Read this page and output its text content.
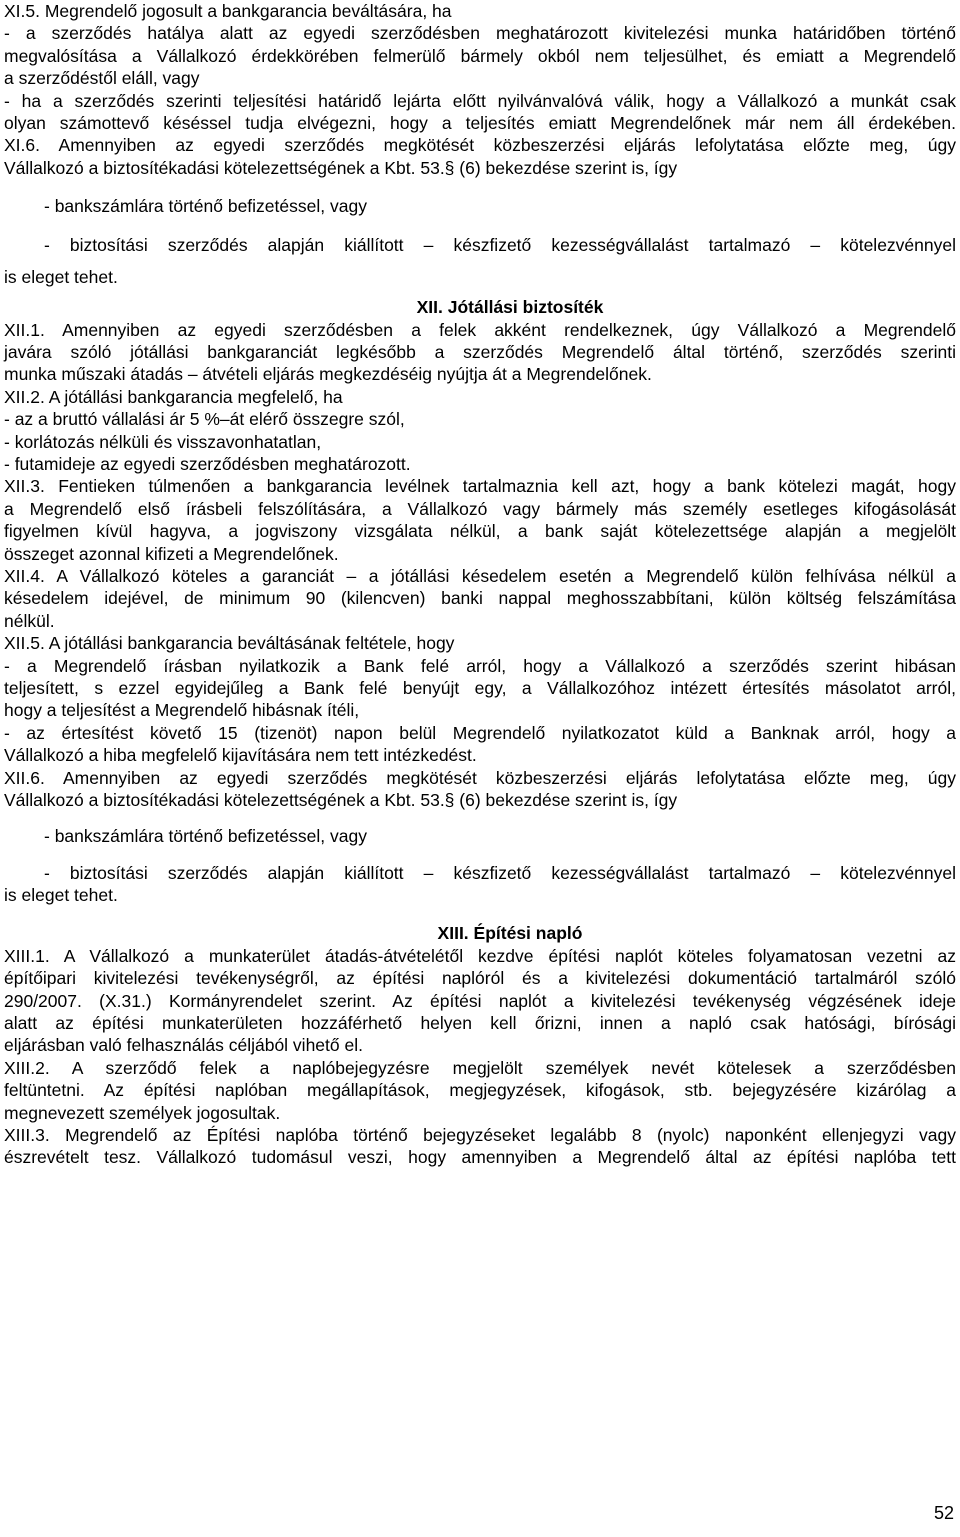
XI.5. Megrendelő jogosult a bankgarancia beváltására, ha
- a szerződés hatálya alatt az egyedi szerződésben meghatározott kivitelezési munka határidőben történő
megvalósítása a Vállalkozó érdekkörében felmerülő bármely okból nem teljesülhet, és emiatt a Megrendelő
a szerződéstől eláll, vagy
- ha a szerződés szerinti teljesítési határidő lejárta előtt nyilvánvalóvá válik, hogy a Vállalkozó a munkát csak
olyan számottevő késéssel tudja elvégezni, hogy a teljesítés emiatt Megrendelőnek már nem áll érdekében.
XI.6. Amennyiben az egyedi szerződés megkötését közbeszerzési eljárás lefolytatása előzte meg, úgy
Vállalkozó a biztosítékadási kötelezettségének a Kbt. 53.§ (6) bekezdése szerint is, így
- bankszámlára történő befizetéssel, vagy
- biztosítási szerződés alapján kiállított – készfizető kezességvállalást tartalmazó – kötelezvénnyel
is eleget tehet.
XII. Jótállási biztosíték
XII.1. Amennyiben az egyedi szerződésben a felek akként rendelkeznek, úgy Vállalkozó a Megrendelő
javára szóló jótállási bankgaranciát legkésőbb a szerződés Megrendelő által történő, szerződés szerinti
munka műszaki átadás – átvételi eljárás megkezdéséig nyújtja át a Megrendelőnek.
XII.2. A jótállási bankgarancia megfelelő, ha
- az a bruttó vállalási ár 5 %–át elérő összegre szól,
- korlátozás nélküli és visszavonhatatlan,
- futamideje az egyedi szerződésben meghatározott.
XII.3. Fentieken túlmenően a bankgarancia levélnek tartalmaznia kell azt, hogy a bank kötelezi magát, hogy
a Megrendelő első írásbeli felszólítására, a Vállalkozó vagy bármely más személy esetleges kifogásolását
figyelmen kívül hagyva, a jogviszony vizsgálata nélkül, a bank saját kötelezettsége alapján a megjelölt
összeget azonnal kifizeti a Megrendelőnek.
XII.4. A Vállalkozó köteles a garanciát – a jótállási késedelem esetén a Megrendelő külön felhívása nélkül a
késedelem idejével, de minimum 90 (kilencven) banki nappal meghosszabbítani, külön költség felszámítása
nélkül.
XII.5. A jótállási bankgarancia beváltásának feltétele, hogy
- a Megrendelő írásban nyilatkozik a Bank felé arról, hogy a Vállalkozó a szerződés szerint hibásan
teljesített, s ezzel egyidejűleg a Bank felé benyújt egy, a Vállalkozóhoz intézett értesítés másolatot arról,
hogy a teljesítést a Megrendelő hibásnak ítéli,
- az értesítést követő 15 (tizenöt) napon belül Megrendelő nyilatkozatot küld a Banknak arról, hogy a
Vállalkozó a hiba megfelelő kijavítására nem tett intézkedést.
XII.6. Amennyiben az egyedi szerződés megkötését közbeszerzési eljárás lefolytatása előzte meg, úgy
Vállalkozó a biztosítékadási kötelezettségének a Kbt. 53.§ (6) bekezdése szerint is, így
- bankszámlára történő befizetéssel, vagy
- biztosítási szerződés alapján kiállított – készfizető kezességvállalást tartalmazó – kötelezvénnyel
is eleget tehet.
XIII. Építési napló
XIII.1. A Vállalkozó a munkaterület átadás-átvételétől kezdve építési naplót köteles folyamatosan vezetni az
építőipari kivitelezési tevékenységről, az építési naplóról és a kivitelezési dokumentáció tartalmáról szóló
290/2007. (X.31.) Kormányrendelet szerint. Az építési naplót a kivitelezési tevékenység végzésének ideje
alatt az építési munkaterületen hozzáférhető helyen kell őrizni, innen a napló csak hatósági, bírósági
eljárásban való felhasználás céljából vihető el.
XIII.2. A szerződő felek a naplóbejegyzésre megjelölt személyek nevét kötelesek a szerződésben
feltüntetni. Az építési naplóban megállapítások, megjegyzések, kifogások, stb. bejegyzésére kizárólag a
megnevezett személyek jogosultak.
XIII.3. Megrendelő az Építési naplóba történő bejegyzéseket legalább 8 (nyolc) naponként ellenjegyzi vagy
észrevételt tesz. Vállalkozó tudomásul veszi, hogy amennyiben a Megrendelő által az építési naplóba tett
52
